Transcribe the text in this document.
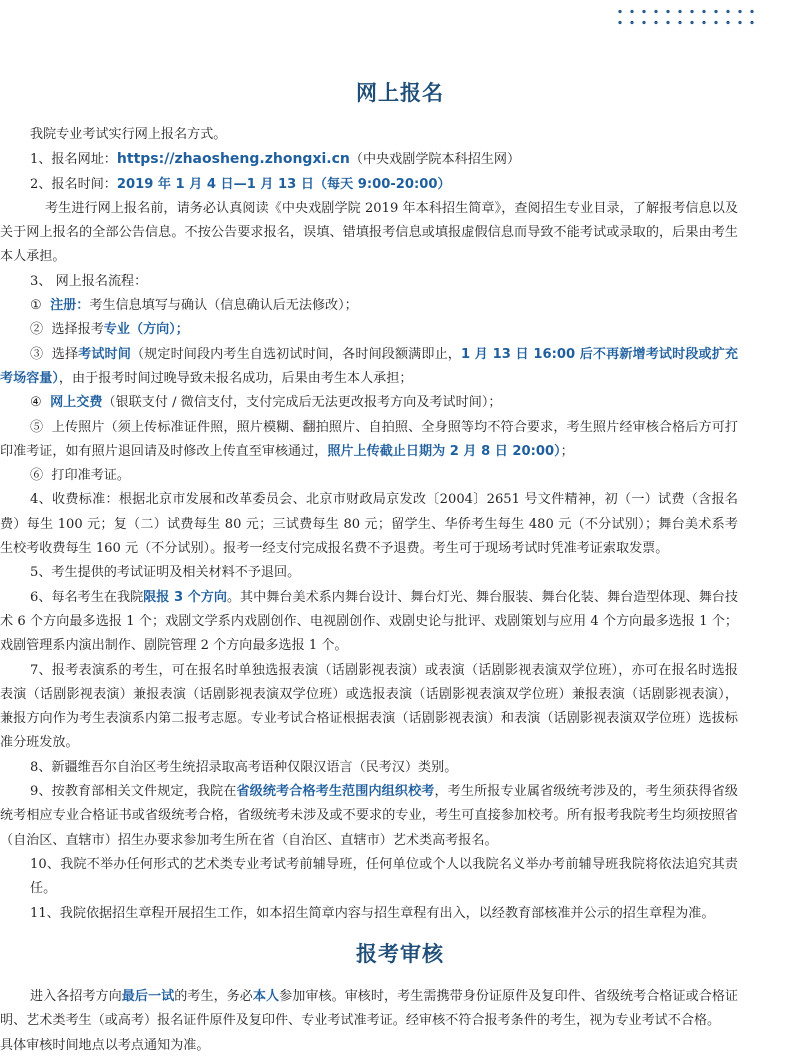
网上报名

我院专业考试实行网上报名方式。

1、报名网址：https://zhaosheng.zhongxi.cn（中央戏剧学院本科招生网）

2、报名时间：2019 年 1 月 4 日—1 月 13 日（每天 9:00-20:00）

考生进行网上报名前，请务必认真阅读《中央戏剧学院 2019 年本科招生简章》，查阅招生专业目录，了解报考信息以及关于网上报名的全部公告信息。不按公告要求报名，误填、错填报考信息或填报虚假信息而导致不能考试或录取的，后果由考生本人承担。

3、 网上报名流程：

① 注册：考生信息填写与确认（信息确认后无法修改）；

② 选择报考专业（方向）；

③ 选择考试时间（规定时间段内考生自选初试时间，各时间段额满即止，1 月 13 日 16:00 后不再新增考试时段或扩充考场容量），由于报考时间过晚导致未报名成功，后果由考生本人承担；

④ 网上交费（银联支付 / 微信支付，支付完成后无法更改报考方向及考试时间）；

⑤ 上传照片（须上传标准证件照，照片模糊、翻拍照片、自拍照、全身照等均不符合要求，考生照片经审核合格后方可打印准考证，如有照片退回请及时修改上传直至审核通过，照片上传截止日期为 2 月 8 日 20:00）；

⑥ 打印准考证。

4、收费标准：根据北京市发展和改革委员会、北京市财政局京发改〔2004〕2651 号文件精神，初（一）试费（含报名费）每生 100 元；复（二）试费每生 80 元；三试费每生 80 元；留学生、华侨考生每生 480 元（不分试别）；舞台美术系考生校考收费每生 160 元（不分试别）。报考一经支付完成报名费不予退费。考生可于现场考试时凭准考证索取发票。

5、考生提供的考试证明及相关材料不予退回。

6、每名考生在我院限报 3 个方向。其中舞台美术系内舞台设计、舞台灯光、舞台服装、舞台化装、舞台造型体现、舞台技术 6 个方向最多选报 1 个；戏剧文学系内戏剧创作、电视剧创作、戏剧史论与批评、戏剧策划与应用 4 个方向最多选报 1 个；戏剧管理系内演出制作、剧院管理 2 个方向最多选报 1 个。

7、报考表演系的考生，可在报名时单独选报表演（话剧影视表演）或表演（话剧影视表演双学位班），亦可在报名时选报表演（话剧影视表演）兼报表演（话剧影视表演双学位班）或选报表演（话剧影视表演双学位班）兼报表演（话剧影视表演），兼报方向作为考生表演系内第二报考志愿。专业考试合格证根据表演（话剧影视表演）和表演（话剧影视表演双学位班）选拔标准分班发放。

8、新疆维吾尔自治区考生统招录取高考语种仅限汉语言（民考汉）类别。

9、按教育部相关文件规定，我院在省级统考合格考生范围内组织校考，考生所报专业属省级统考涉及的，考生须获得省级统考相应专业合格证书或省级统考合格，省级统考未涉及或不要求的专业，考生可直接参加校考。所有报考我院考生均须按照省（自治区、直辖市）招生办要求参加考生所在省（自治区、直辖市）艺术类高考报名。

10、我院不举办任何形式的艺术类专业考试考前辅导班，任何单位或个人以我院名义举办考前辅导班我院将依法追究其责任。

11、我院依据招生章程开展招生工作，如本招生简章内容与招生章程有出入，以经教育部核准并公示的招生章程为准。

报考审核

进入各招考方向最后一试的考生，务必本人参加审核。审核时，考生需携带身份证原件及复印件、省级统考合格证或合格证明、艺术类考生（或高考）报名证件原件及复印件、专业考试准考证。经审核不符合报考条件的考生，视为专业考试不合格。

具体审核时间地点以考点通知为准。
